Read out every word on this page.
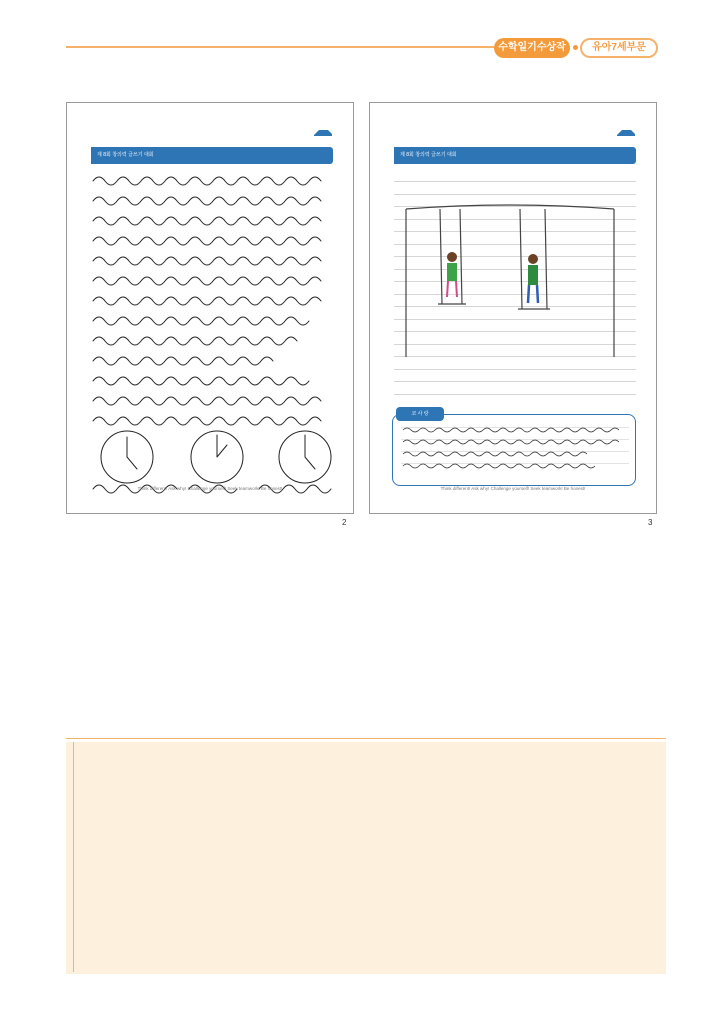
수학일기수상작	유아7세부문
제 8회 창의력 글쓰기 대회
Think different! Ask why! Challenge yourself! Seek teamwork! Be honest!
2
제 8회 창의력 글쓰기 대회
코 사 랑
Think different! Ask why! Challenge yourself! Seek teamwork! Be honest!
3
